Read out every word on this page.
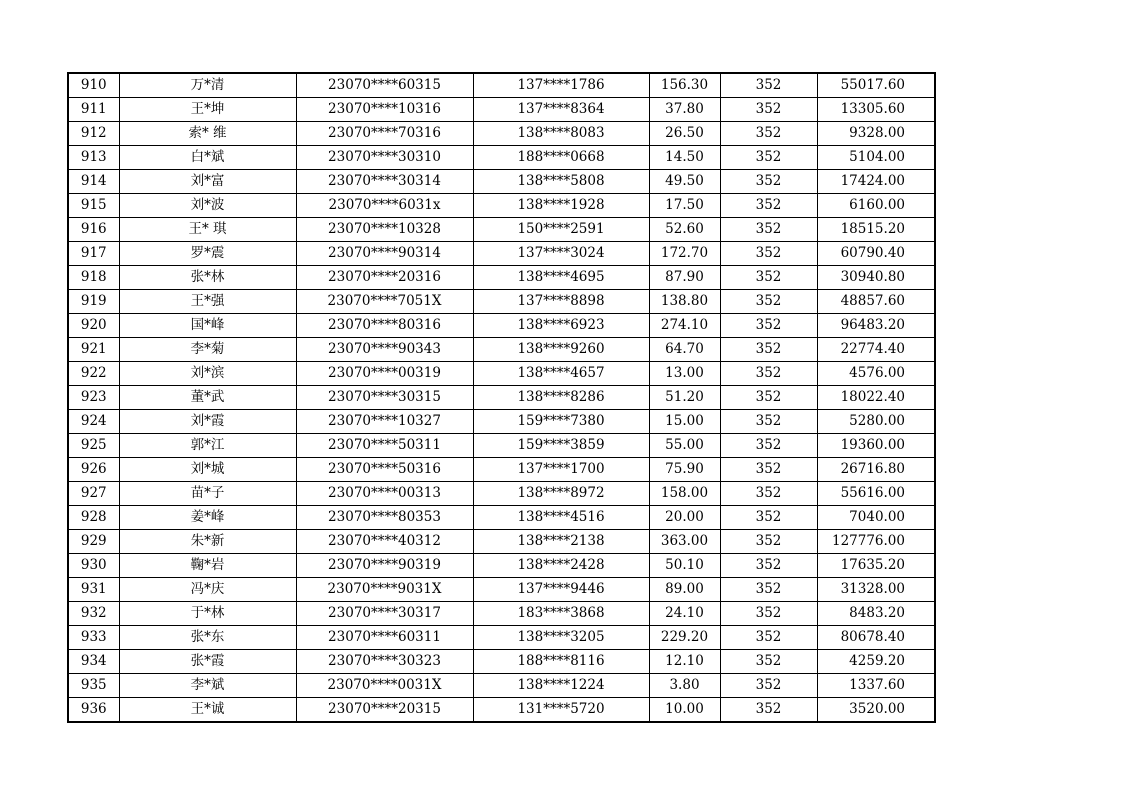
910	万*清	23070****60315	137****1786	156.30	352	55017.60
911	王*坤	23070****10316	137****8364	37.80	352	13305.60
912	索* 维	23070****70316	138****8083	26.50	352	9328.00
913	白*斌	23070****30310	188****0668	14.50	352	5104.00
914	刘*富	23070****30314	138****5808	49.50	352	17424.00
915	刘*波	23070****6031x	138****1928	17.50	352	6160.00
916	王* 琪	23070****10328	150****2591	52.60	352	18515.20
917	罗*震	23070****90314	137****3024	172.70	352	60790.40
918	张*林	23070****20316	138****4695	87.90	352	30940.80
919	王*强	23070****7051X	137****8898	138.80	352	48857.60
920	国*峰	23070****80316	138****6923	274.10	352	96483.20
921	李*菊	23070****90343	138****9260	64.70	352	22774.40
922	刘*滨	23070****00319	138****4657	13.00	352	4576.00
923	董*武	23070****30315	138****8286	51.20	352	18022.40
924	刘*霞	23070****10327	159****7380	15.00	352	5280.00
925	郭*江	23070****50311	159****3859	55.00	352	19360.00
926	刘*城	23070****50316	137****1700	75.90	352	26716.80
927	苗*子	23070****00313	138****8972	158.00	352	55616.00
928	姜*峰	23070****80353	138****4516	20.00	352	7040.00
929	朱*新	23070****40312	138****2138	363.00	352	127776.00
930	鞠*岩	23070****90319	138****2428	50.10	352	17635.20
931	冯*庆	23070****9031X	137****9446	89.00	352	31328.00
932	于*林	23070****30317	183****3868	24.10	352	8483.20
933	张*东	23070****60311	138****3205	229.20	352	80678.40
934	张*霞	23070****30323	188****8116	12.10	352	4259.20
935	李*斌	23070****0031X	138****1224	3.80	352	1337.60
936	王*诚	23070****20315	131****5720	10.00	352	3520.00
